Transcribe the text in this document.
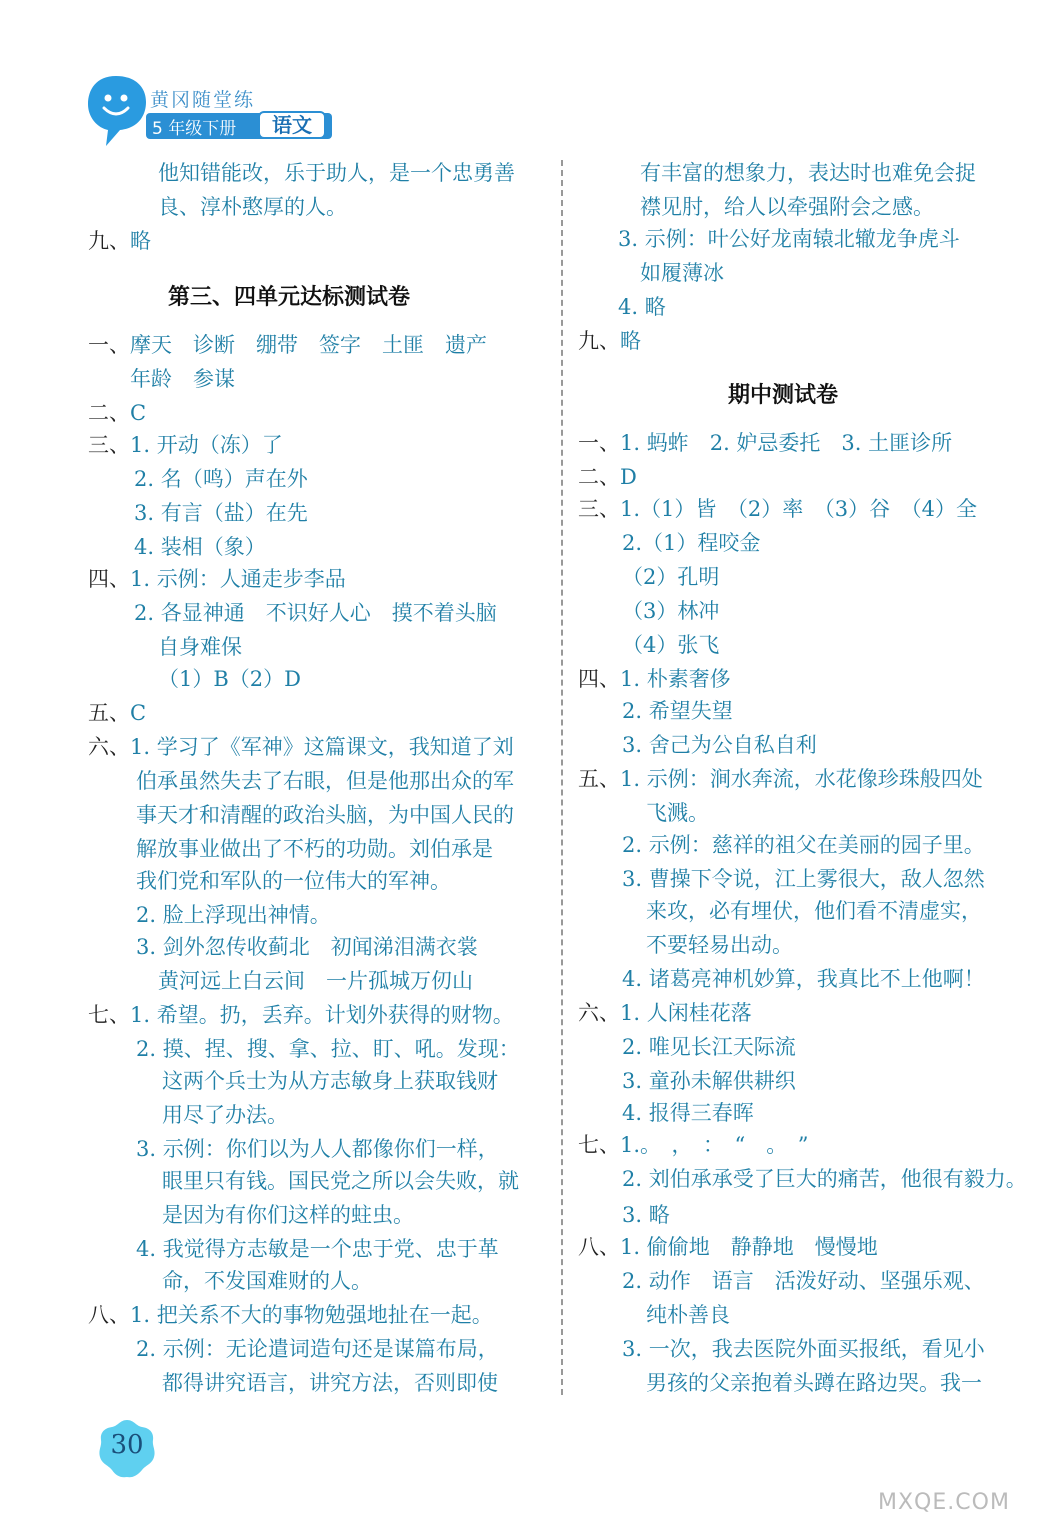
黄冈随堂练
5 年级下册	语文
他知错能改，乐于助人，是一个忠勇善
良、淳朴憨厚的人。
九、略
第三、四单元达标测试卷
一、摩天　诊断　绷带　签字　土匪　遗产
年龄　参谋
二、C
三、1. 开动（冻）了
2. 名（鸣）声在外
3. 有言（盐）在先
4. 装相（象）
四、1. 示例：人通走步李品
2. 各显神通　不识好人心　摸不着头脑
自身难保
（1）B（2）D
五、C
六、1. 学习了《军神》这篇课文，我知道了刘
伯承虽然失去了右眼，但是他那出众的军
事天才和清醒的政治头脑，为中国人民的
解放事业做出了不朽的功勋。刘伯承是
我们党和军队的一位伟大的军神。
2. 脸上浮现出神情。
3. 剑外忽传收蓟北　初闻涕泪满衣裳
黄河远上白云间　一片孤城万仞山
七、1. 希望。扔，丢弃。计划外获得的财物。
2. 摸、捏、搜、拿、拉、盯、吼。发现：
这两个兵士为从方志敏身上获取钱财
用尽了办法。
3. 示例：你们以为人人都像你们一样，
眼里只有钱。国民党之所以会失败，就
是因为有你们这样的蛀虫。
4. 我觉得方志敏是一个忠于党、忠于革
命，不发国难财的人。
八、1. 把关系不大的事物勉强地扯在一起。
2. 示例：无论遣词造句还是谋篇布局，
都得讲究语言，讲究方法，否则即使
有丰富的想象力，表达时也难免会捉
襟见肘，给人以牵强附会之感。
3. 示例：叶公好龙南辕北辙龙争虎斗
如履薄冰
4. 略
九、略
期中测试卷
一、1. 蚂蚱　2. 妒忌委托　3. 土匪诊所
二、D
三、1.（1）皆　（2）率　（3）谷　（4）全
2.（1）程咬金
（2）孔明
（3）林冲
（4）张飞
四、1. 朴素奢侈
2. 希望失望
3. 舍己为公自私自利
五、1. 示例：涧水奔流，水花像珍珠般四处
飞溅。
2. 示例：慈祥的祖父在美丽的园子里。
3. 曹操下令说，江上雾很大，敌人忽然
来攻，必有埋伏，他们看不清虚实，
不要轻易出动。
4. 诸葛亮神机妙算，我真比不上他啊！
六、1. 人闲桂花落
2. 唯见长江天际流
3. 童孙未解供耕织
4. 报得三春晖
七、1.。　，　：　“　。　”
2. 刘伯承承受了巨大的痛苦，他很有毅力。
3. 略
八、1. 偷偷地　静静地　慢慢地
2. 动作　语言　活泼好动、坚强乐观、
纯朴善良
3. 一次，我去医院外面买报纸，看见小
男孩的父亲抱着头蹲在路边哭。我一
30
MXQE.COM
